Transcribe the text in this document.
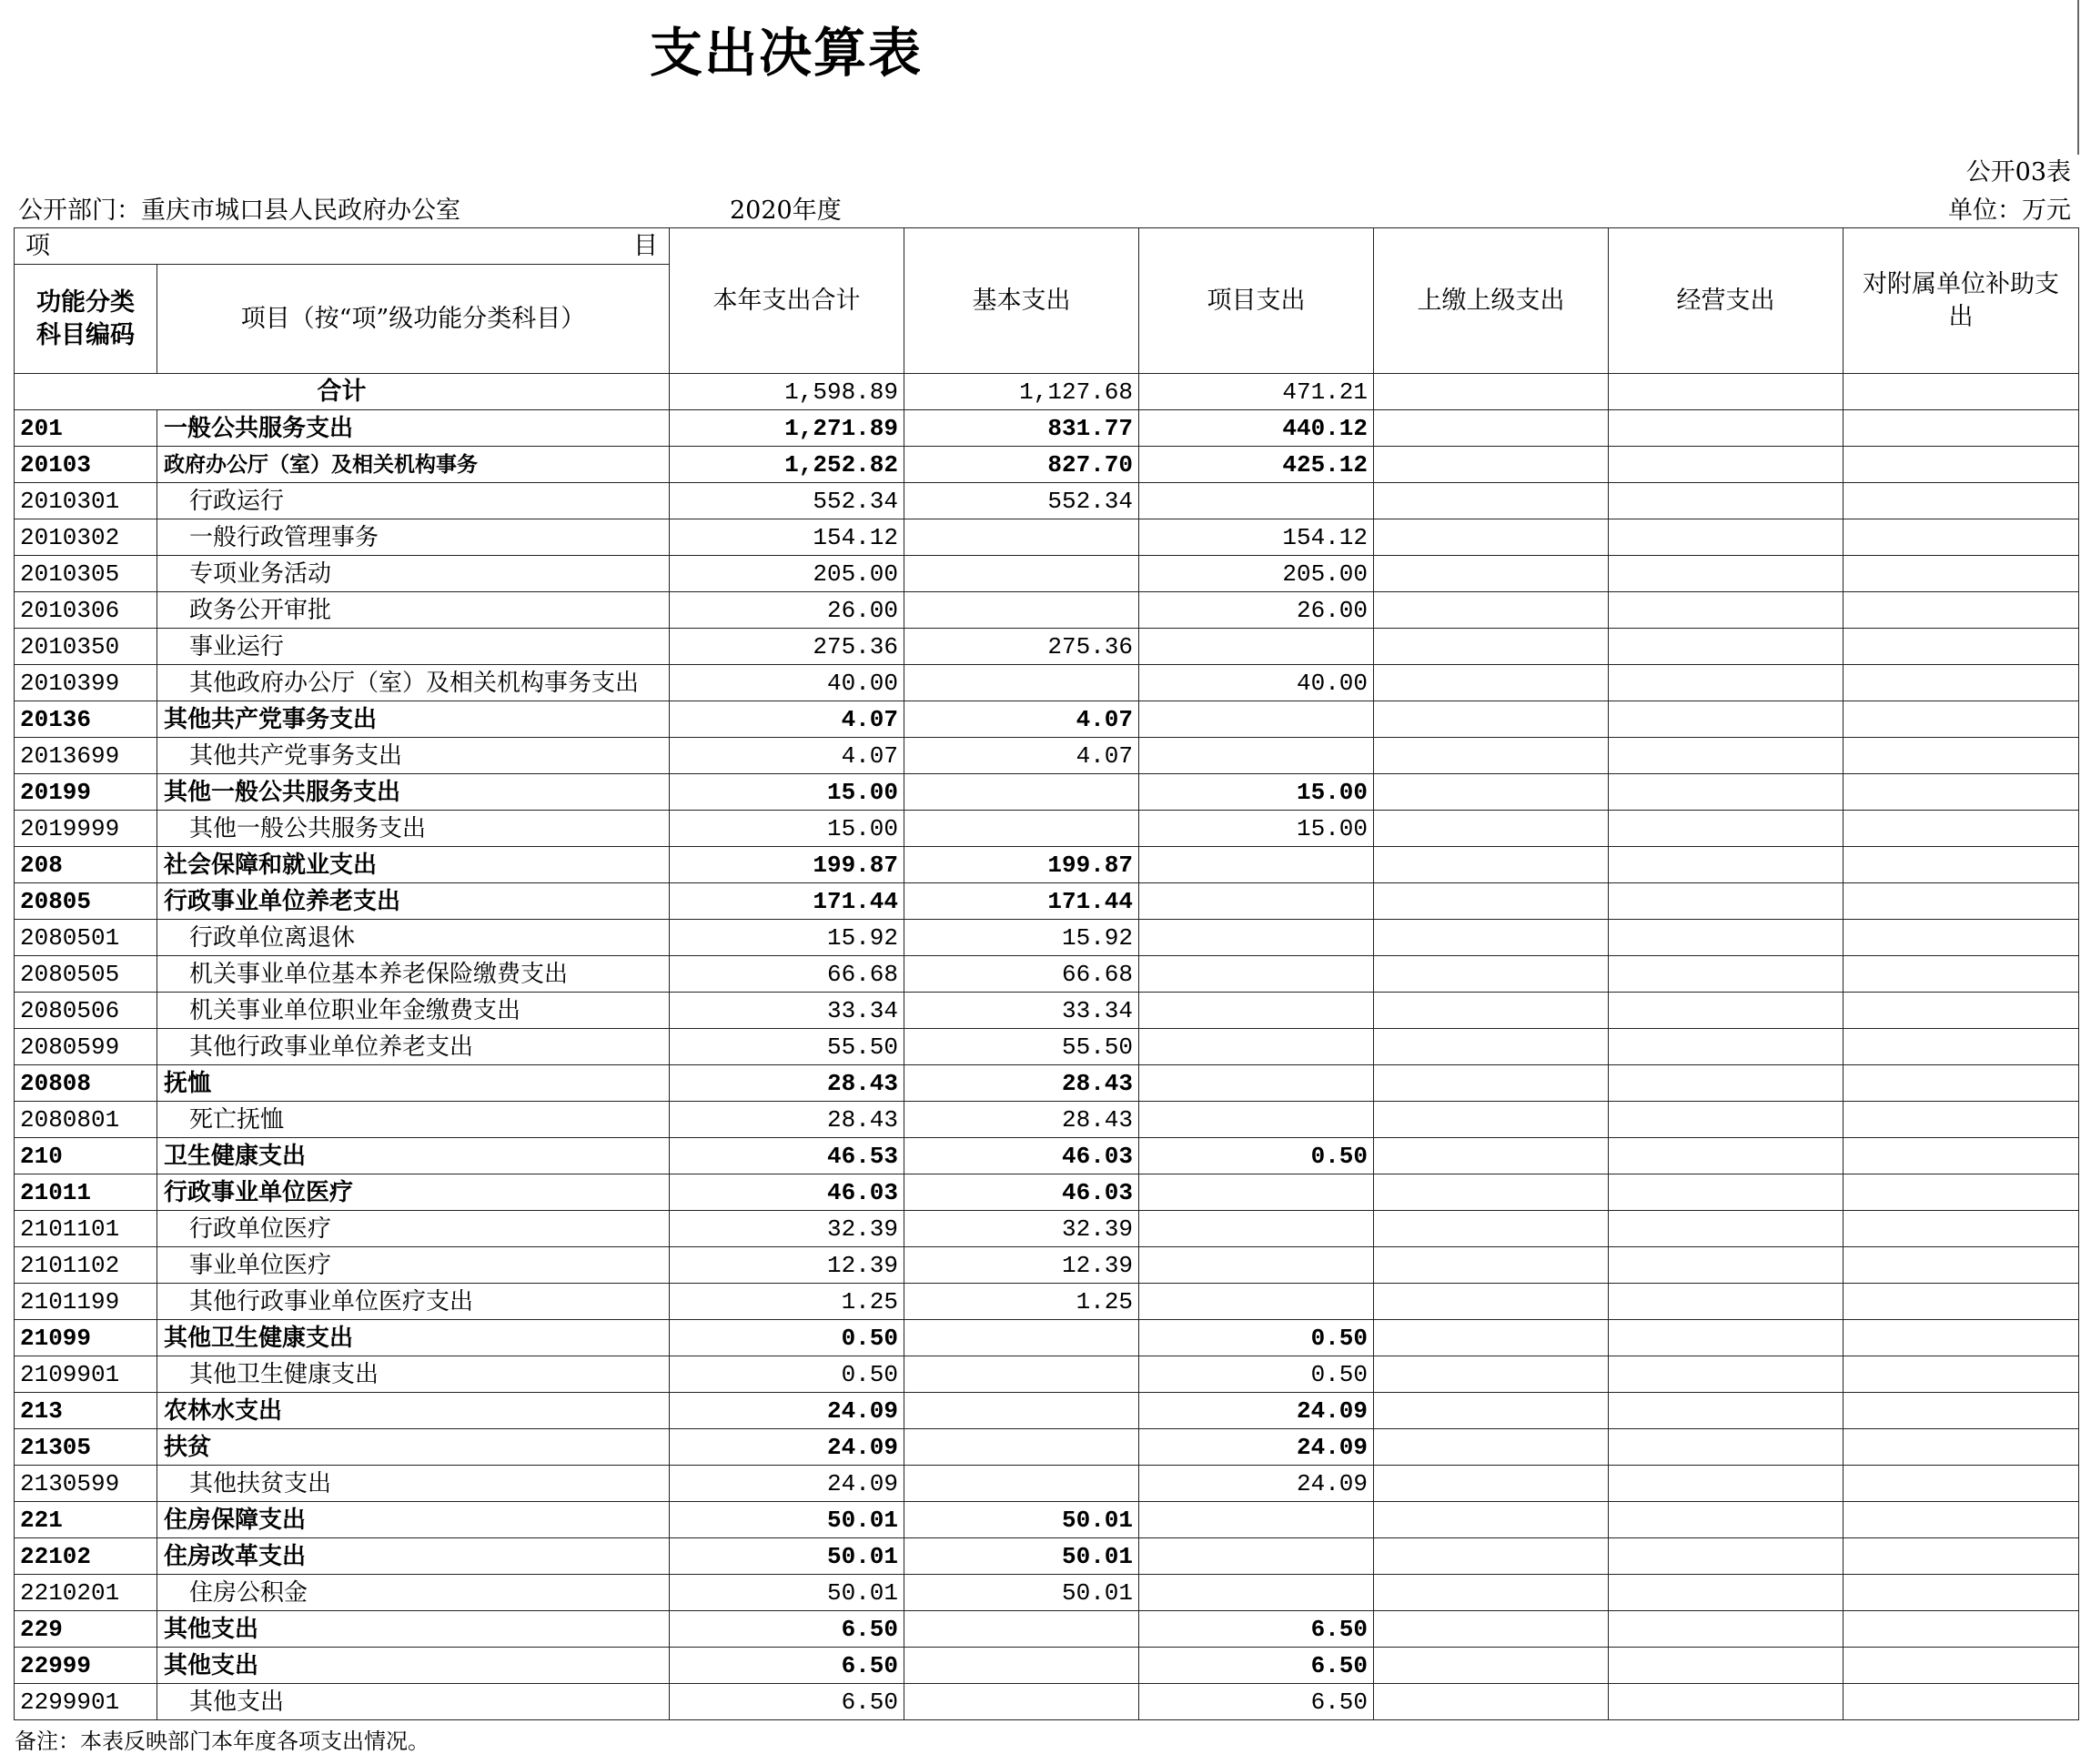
支出决算表
公开03表
公开部门：重庆市城口县人民政府办公室	2020年度	单位：万元
项 目		本年支出合计	基本支出	项目支出	上缴上级支出	经营支出	对附属单位补助支出
功能分类科目编码	项目（按“项”级功能分类科目）						
合计		1,598.89	1,127.68	471.21			
201	一般公共服务支出	1,271.89	831.77	440.12			
20103	政府办公厅（室）及相关机构事务	1,252.82	827.70	425.12			
2010301	行政运行	552.34	552.34				
2010302	一般行政管理事务	154.12		154.12			
2010305	专项业务活动	205.00		205.00			
2010306	政务公开审批	26.00		26.00			
2010350	事业运行	275.36	275.36				
2010399	其他政府办公厅（室）及相关机构事务支出	40.00		40.00			
20136	其他共产党事务支出	4.07	4.07				
2013699	其他共产党事务支出	4.07	4.07				
20199	其他一般公共服务支出	15.00		15.00			
2019999	其他一般公共服务支出	15.00		15.00			
208	社会保障和就业支出	199.87	199.87				
20805	行政事业单位养老支出	171.44	171.44				
2080501	行政单位离退休	15.92	15.92				
2080505	机关事业单位基本养老保险缴费支出	66.68	66.68				
2080506	机关事业单位职业年金缴费支出	33.34	33.34				
2080599	其他行政事业单位养老支出	55.50	55.50				
20808	抚恤	28.43	28.43				
2080801	死亡抚恤	28.43	28.43				
210	卫生健康支出	46.53	46.03	0.50			
21011	行政事业单位医疗	46.03	46.03				
2101101	行政单位医疗	32.39	32.39				
2101102	事业单位医疗	12.39	12.39				
2101199	其他行政事业单位医疗支出	1.25	1.25				
21099	其他卫生健康支出	0.50		0.50			
2109901	其他卫生健康支出	0.50		0.50			
213	农林水支出	24.09		24.09			
21305	扶贫	24.09		24.09			
2130599	其他扶贫支出	24.09		24.09			
221	住房保障支出	50.01	50.01				
22102	住房改革支出	50.01	50.01				
2210201	住房公积金	50.01	50.01				
229	其他支出	6.50		6.50			
22999	其他支出	6.50		6.50			
2299901	其他支出	6.50		6.50			
备注：本表反映部门本年度各项支出情况。
